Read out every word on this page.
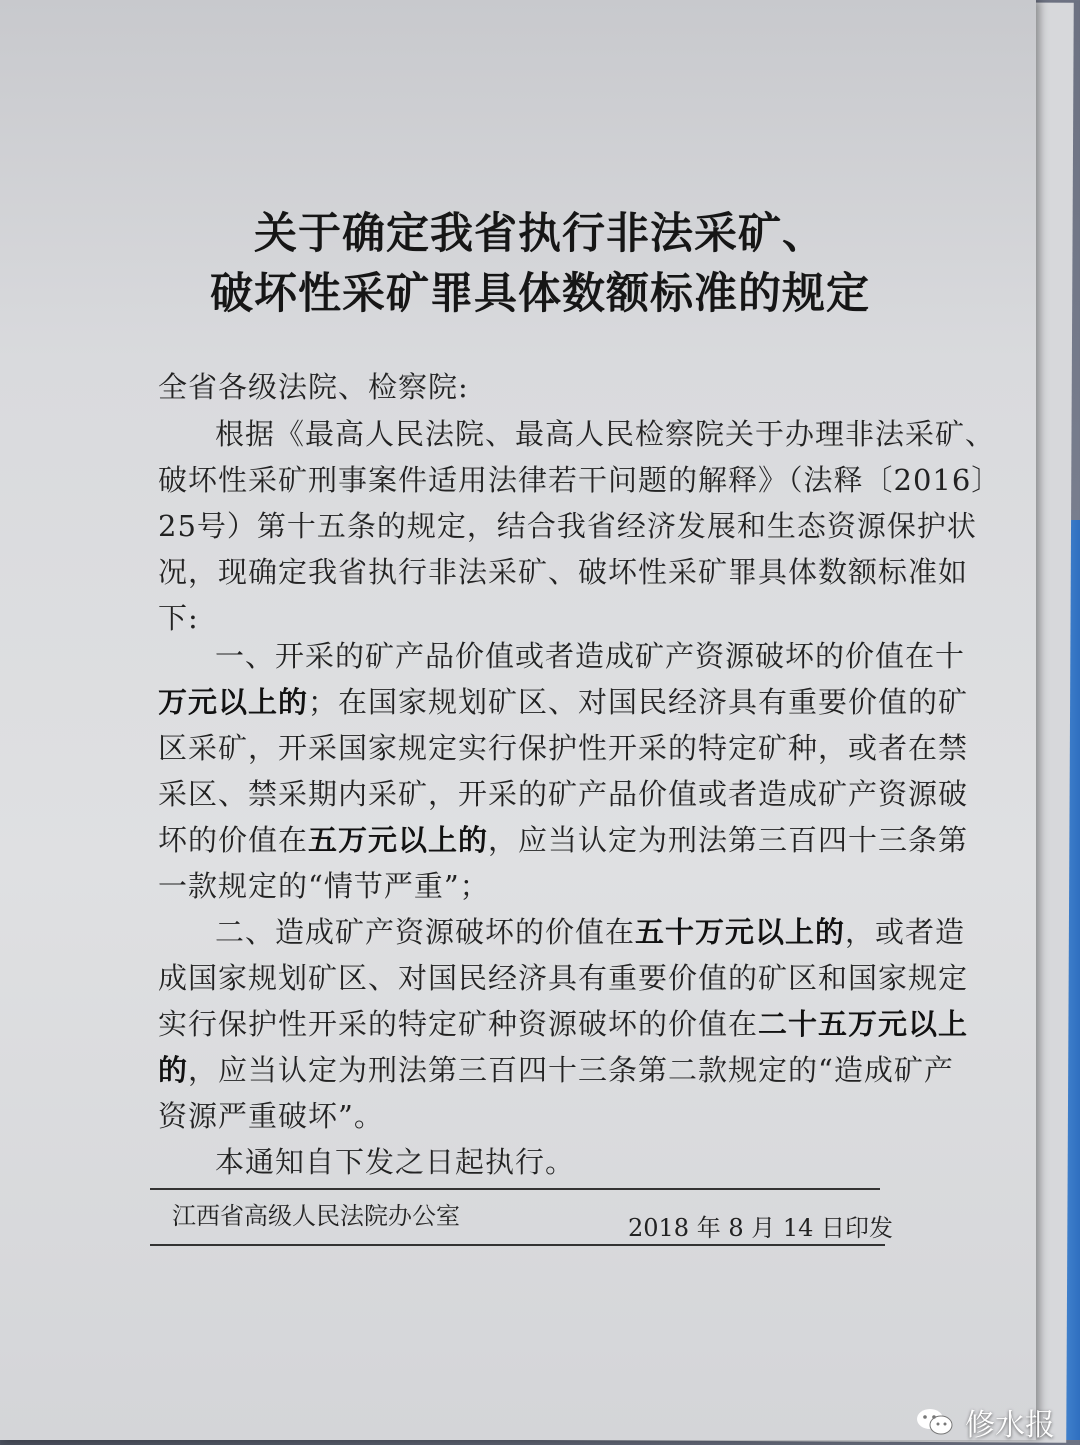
关于确定我省执行非法采矿、
破坏性采矿罪具体数额标准的规定
全省各级法院、检察院:
根据《最高人民法院、最高人民检察院关于办理非法采矿、
破坏性采矿刑事案件适用法律若干问题的解释》（法释〔2016〕
25号）第十五条的规定，结合我省经济发展和生态资源保护状
况，现确定我省执行非法采矿、破坏性采矿罪具体数额标准如
下:
一、开采的矿产品价值或者造成矿产资源破坏的价值在十
万元以上的；在国家规划矿区、对国民经济具有重要价值的矿
区采矿，开采国家规定实行保护性开采的特定矿种，或者在禁
采区、禁采期内采矿，开采的矿产品价值或者造成矿产资源破
坏的价值在五万元以上的，应当认定为刑法第三百四十三条第
一款规定的“情节严重”；
二、造成矿产资源破坏的价值在五十万元以上的，或者造
成国家规划矿区、对国民经济具有重要价值的矿区和国家规定
实行保护性开采的特定矿种资源破坏的价值在二十五万元以上
的，应当认定为刑法第三百四十三条第二款规定的“造成矿产
资源严重破坏”。
本通知自下发之日起执行。
江西省高级人民法院办公室	2018 年 8 月 14 日印发
修水报
